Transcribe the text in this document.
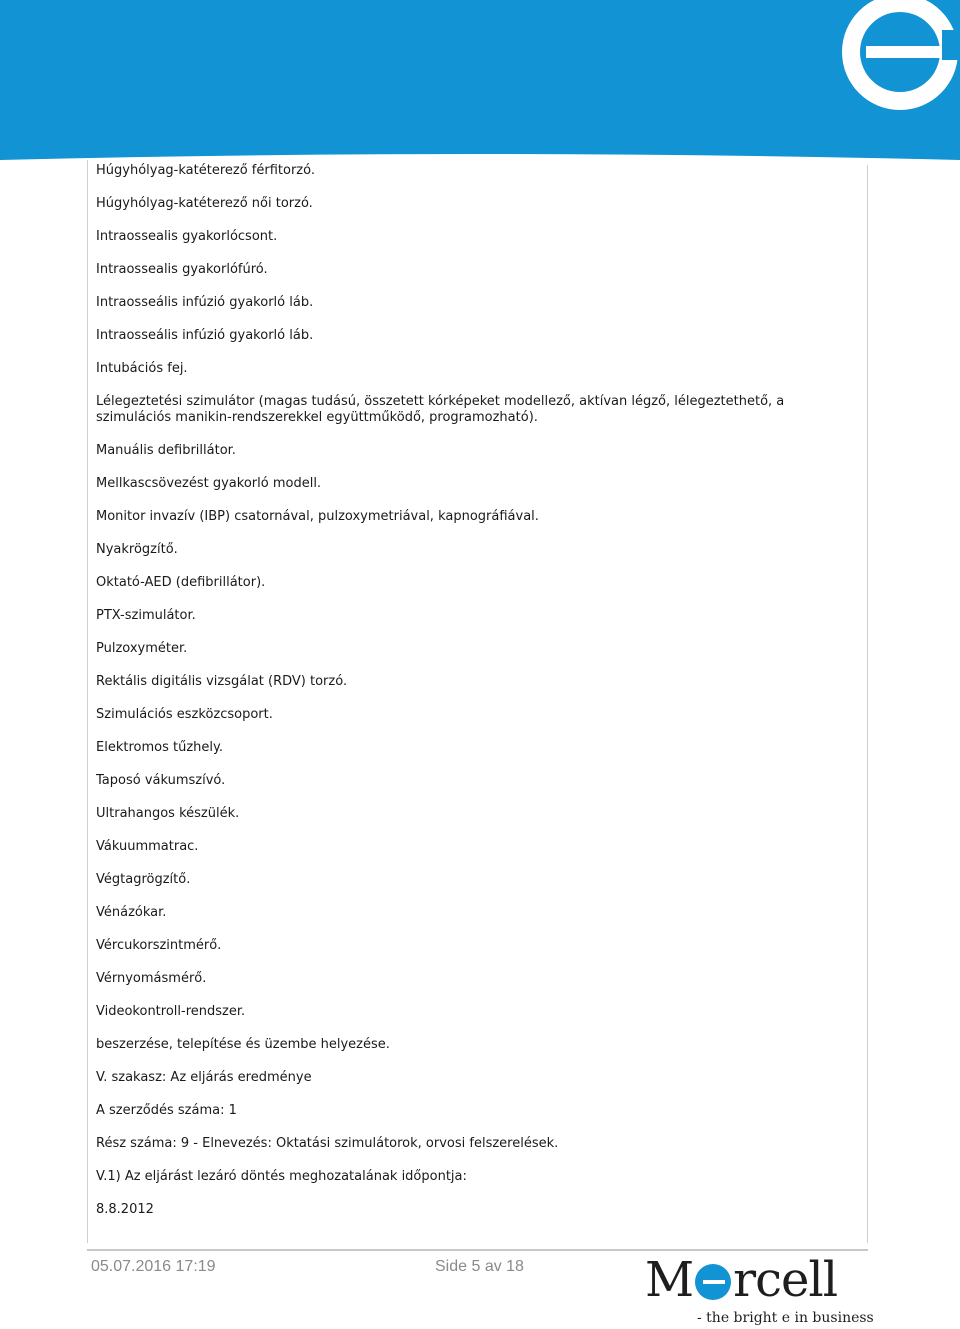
Húgyhólyag-katéterező férfitorzó.

Húgyhólyag-katéterező női torzó.

Intraossealis gyakorlócsont.

Intraossealis gyakorlófúró.

Intraosseális infúzió gyakorló láb.

Intraosseális infúzió gyakorló láb.

Intubációs fej.

Lélegeztetési szimulátor (magas tudású, összetett kórképeket modellező, aktívan légző, lélegeztethető, a szimulációs manikin-rendszerekkel együttműködő, programozható).

Manuális defibrillátor.

Mellkascsövezést gyakorló modell.

Monitor invazív (IBP) csatornával, pulzoxymetriával, kapnográfiával.

Nyakrögzítő.

Oktató-AED (defibrillátor).

PTX-szimulátor.

Pulzoxyméter.

Rektális digitális vizsgálat (RDV) torzó.

Szimulációs eszközcsoport.

Elektromos tűzhely.

Taposó vákumszívó.

Ultrahangos készülék.

Vákuummatrac.

Végtagrögzítő.

Vénázókar.

Vércukorszintmérő.

Vérnyomásmérő.

Videokontroll-rendszer.

beszerzése, telepítése és üzembe helyezése.

V. szakasz: Az eljárás eredménye

A szerződés száma: 1

Rész száma: 9 - Elnevezés: Oktatási szimulátorok, orvosi felszerelések.

V.1) Az eljárást lezáró döntés meghozatalának időpontja:

8.8.2012

05.07.2016 17:19	Side 5 av 18	M rcell
- the bright e in business
